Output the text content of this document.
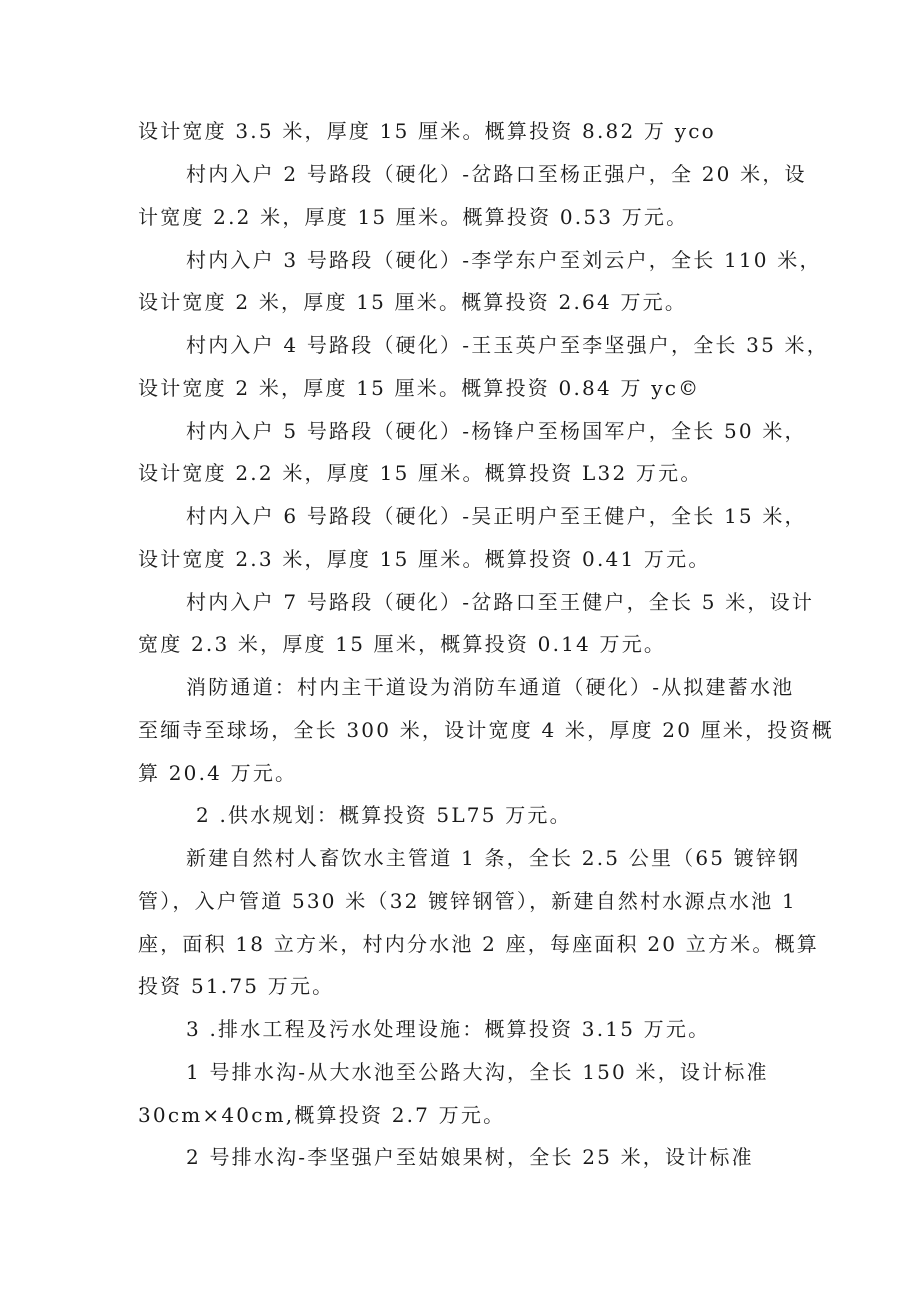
设计宽度 3.5 米，厚度 15 厘米。概算投资 8.82 万 yco
村内入户 2 号路段（硬化）-岔路口至杨正强户，全 20 米，设
计宽度 2.2 米，厚度 15 厘米。概算投资 0.53 万元。
村内入户 3 号路段（硬化）-李学东户至刘云户，全长 110 米，
设计宽度 2 米，厚度 15 厘米。概算投资 2.64 万元。
村内入户 4 号路段（硬化）-王玉英户至李坚强户，全长 35 米，
设计宽度 2 米，厚度 15 厘米。概算投资 0.84 万 yc©
村内入户 5 号路段（硬化）-杨锋户至杨国军户，全长 50 米，
设计宽度 2.2 米，厚度 15 厘米。概算投资 L32 万元。
村内入户 6 号路段（硬化）-吴正明户至王健户，全长 15 米，
设计宽度 2.3 米，厚度 15 厘米。概算投资 0.41 万元。
村内入户 7 号路段（硬化）-岔路口至王健户，全长 5 米，设计
宽度 2.3 米，厚度 15 厘米，概算投资 0.14 万元。
消防通道：村内主干道设为消防车通道（硬化）-从拟建蓄水池
至缅寺至球场，全长 300 米，设计宽度 4 米，厚度 20 厘米，投资概
算 20.4 万元。
2 .供水规划：概算投资 5L75 万元。
新建自然村人畜饮水主管道 1 条，全长 2.5 公里（65 镀锌钢
管），入户管道 530 米（32 镀锌钢管），新建自然村水源点水池 1
座，面积 18 立方米，村内分水池 2 座，每座面积 20 立方米。概算
投资 51.75 万元。
3 .排水工程及污水处理设施：概算投资 3.15 万元。
1 号排水沟-从大水池至公路大沟，全长 150 米，设计标准
30cm×40cm,概算投资 2.7 万元。
2 号排水沟-李坚强户至姑娘果树，全长 25 米，设计标准
